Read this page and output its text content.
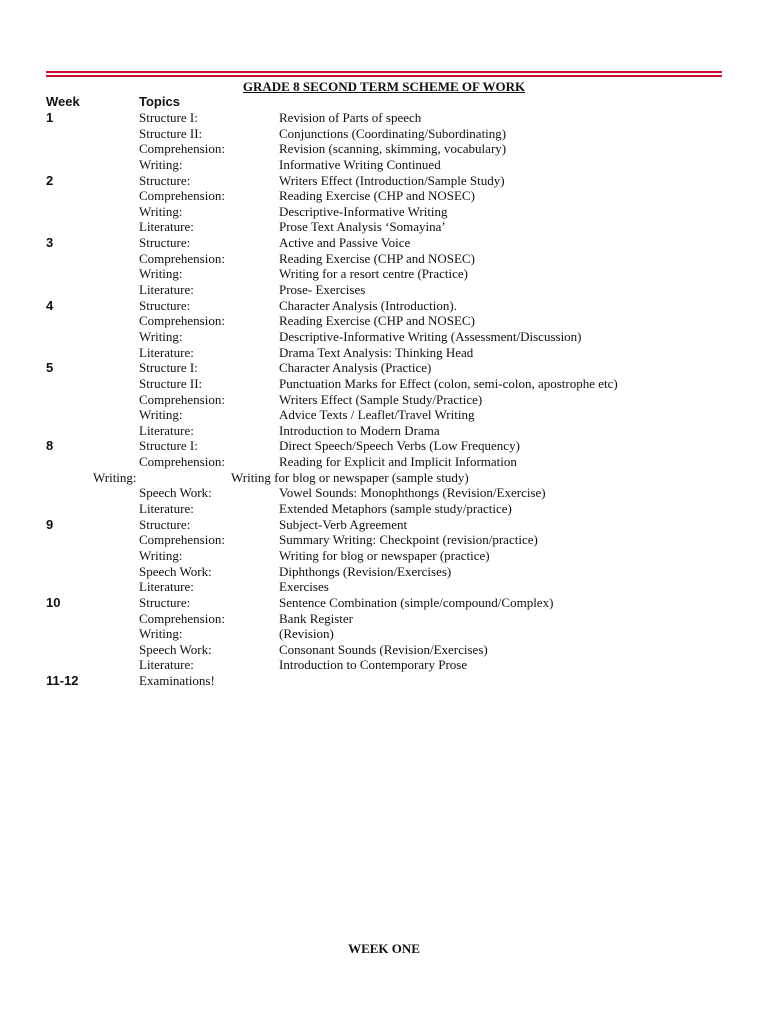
GRADE 8 SECOND TERM SCHEME OF WORK
Week	Topics
1	Structure I:	Revision of Parts of speech
Structure II:	Conjunctions (Coordinating/Subordinating)
Comprehension:	Revision (scanning, skimming, vocabulary)
Writing:	Informative Writing Continued
2	Structure:	Writers Effect (Introduction/Sample Study)
Comprehension:	Reading Exercise (CHP and NOSEC)
Writing:	Descriptive-Informative Writing
Literature:	Prose Text Analysis ‘Somayina’
3	Structure:	Active and Passive Voice
Comprehension:	Reading Exercise (CHP and NOSEC)
Writing:	Writing for a resort centre (Practice)
Literature:	Prose- Exercises
4	Structure:	Character Analysis (Introduction).
Comprehension:	Reading Exercise (CHP and NOSEC)
Writing:	Descriptive-Informative Writing (Assessment/Discussion)
Literature:	Drama Text Analysis: Thinking Head
5	Structure I:	Character Analysis (Practice)
Structure II:	Punctuation Marks for Effect (colon, semi-colon, apostrophe etc)
Comprehension:	Writers Effect (Sample Study/Practice)
Writing:	Advice Texts / Leaflet/Travel Writing
Literature:	Introduction to Modern Drama
8	Structure I:	Direct Speech/Speech Verbs (Low Frequency)
Comprehension:	Reading for Explicit and Implicit Information
Writing:	Writing for blog or newspaper (sample study)
Speech Work:	Vowel Sounds: Monophthongs (Revision/Exercise)
Literature:	Extended Metaphors (sample study/practice)
9	Structure:	Subject-Verb Agreement
Comprehension:	Summary Writing: Checkpoint (revision/practice)
Writing:	Writing for blog or newspaper (practice)
Speech Work:	Diphthongs (Revision/Exercises)
Literature:	Exercises
10	Structure:	Sentence Combination (simple/compound/Complex)
Comprehension:	Bank Register
Writing:	(Revision)
Speech Work:	Consonant Sounds (Revision/Exercises)
Literature:	Introduction to Contemporary Prose
11-12	Examinations!
WEEK ONE
